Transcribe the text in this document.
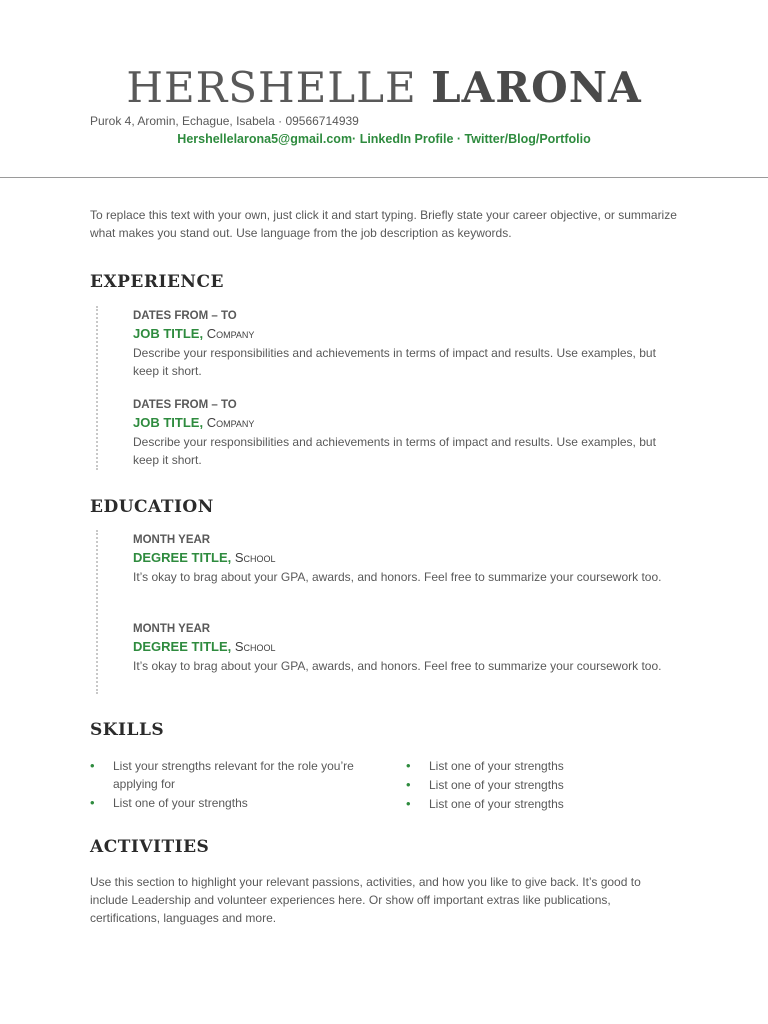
HERSHELLE LARONA
Purok 4, Aromin, Echague, Isabela · 09566714939
Hershellelarona5@gmail.com· LinkedIn Profile · Twitter/Blog/Portfolio
To replace this text with your own, just click it and start typing. Briefly state your career objective, or summarize what makes you stand out. Use language from the job description as keywords.
EXPERIENCE
DATES FROM – TO
JOB TITLE, Company
Describe your responsibilities and achievements in terms of impact and results. Use examples, but keep it short.
DATES FROM – TO
JOB TITLE, Company
Describe your responsibilities and achievements in terms of impact and results. Use examples, but keep it short.
EDUCATION
MONTH YEAR
DEGREE TITLE, School
It’s okay to brag about your GPA, awards, and honors. Feel free to summarize your coursework too.
MONTH YEAR
DEGREE TITLE, School
It’s okay to brag about your GPA, awards, and honors. Feel free to summarize your coursework too.
SKILLS
• List your strengths relevant for the role you’re applying for
• List one of your strengths
• List one of your strengths
• List one of your strengths
• List one of your strengths
ACTIVITIES
Use this section to highlight your relevant passions, activities, and how you like to give back. It’s good to include Leadership and volunteer experiences here. Or show off important extras like publications, certifications, languages and more.
